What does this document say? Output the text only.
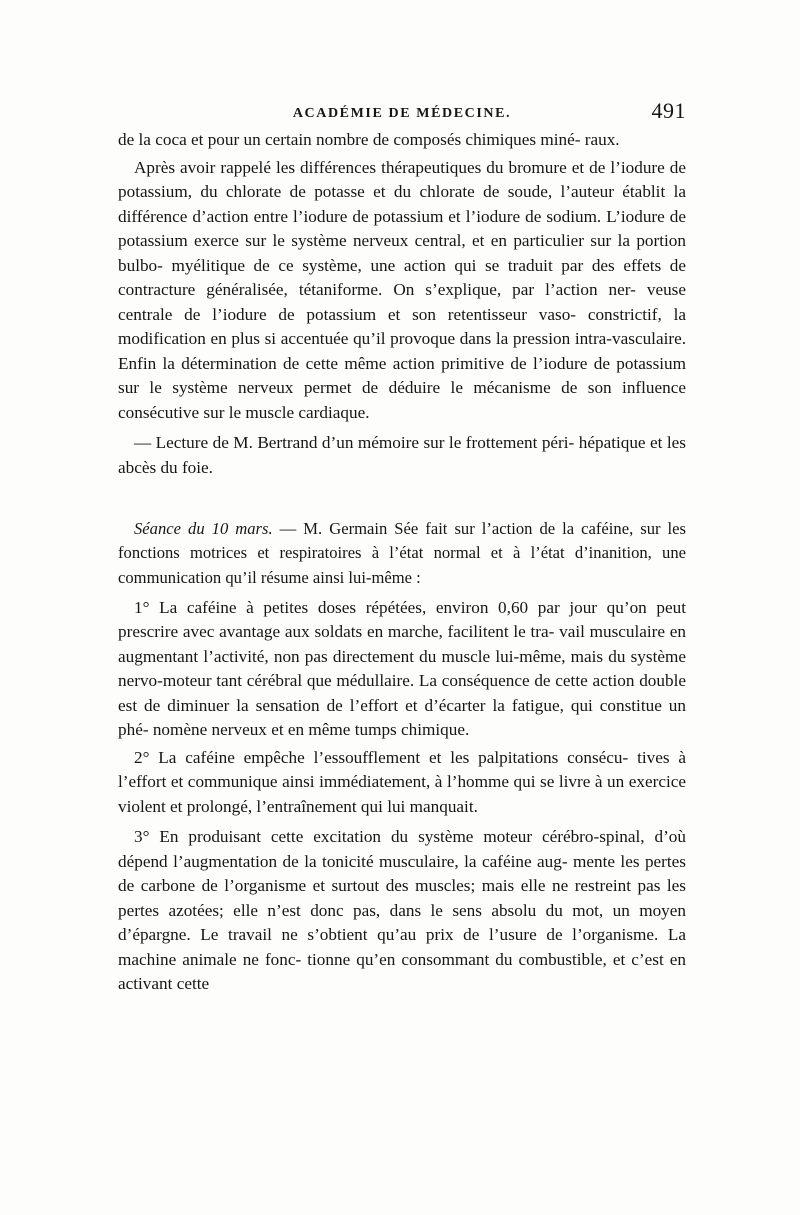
ACADÉMIE DE MÉDECINE.	491

de la coca et pour un certain nombre de composés chimiques miné- raux.

Après avoir rappelé les différences thérapeutiques du bromure et de l’iodure de potassium, du chlorate de potasse et du chlorate de soude, l’auteur établit la différence d’action entre l’iodure de potassium et l’iodure de sodium. L’iodure de potassium exerce sur le système nerveux central, et en particulier sur la portion bulbo- myélitique de ce système, une action qui se traduit par des effets de contracture généralisée, tétaniforme. On s’explique, par l’action ner- veuse centrale de l’iodure de potassium et son retentisseur vaso- constrictif, la modification en plus si accentuée qu’il provoque dans la pression intra-vasculaire. Enfin la détermination de cette même action primitive de l’iodure de potassium sur le système nerveux permet de déduire le mécanisme de son influence consécutive sur le muscle cardiaque.

— Lecture de M. Bertrand d’un mémoire sur le frottement péri- hépatique et les abcès du foie.

Séance du 10 mars. — M. Germain Sée fait sur l’action de la caféine, sur les fonctions motrices et respiratoires à l’état normal et à l’état d’inanition, une communication qu’il résume ainsi lui-même :

1° La caféine à petites doses répétées, environ 0,60 par jour qu’on peut prescrire avec avantage aux soldats en marche, facilitent le tra- vail musculaire en augmentant l’activité, non pas directement du muscle lui-même, mais du système nervo-moteur tant cérébral que médullaire. La conséquence de cette action double est de diminuer la sensation de l’effort et d’écarter la fatigue, qui constitue un phé- nomène nerveux et en même tumps chimique.

2° La caféine empêche l’essoufflement et les palpitations consécu- tives à l’effort et communique ainsi immédiatement, à l’homme qui se livre à un exercice violent et prolongé, l’entraînement qui lui manquait.

3° En produisant cette excitation du système moteur cérébro-spinal, d’où dépend l’augmentation de la tonicité musculaire, la caféine aug- mente les pertes de carbone de l’organisme et surtout des muscles; mais elle ne restreint pas les pertes azotées; elle n’est donc pas, dans le sens absolu du mot, un moyen d’épargne. Le travail ne s’obtient qu’au prix de l’usure de l’organisme. La machine animale ne fonc- tionne qu’en consommant du combustible, et c’est en activant cette
